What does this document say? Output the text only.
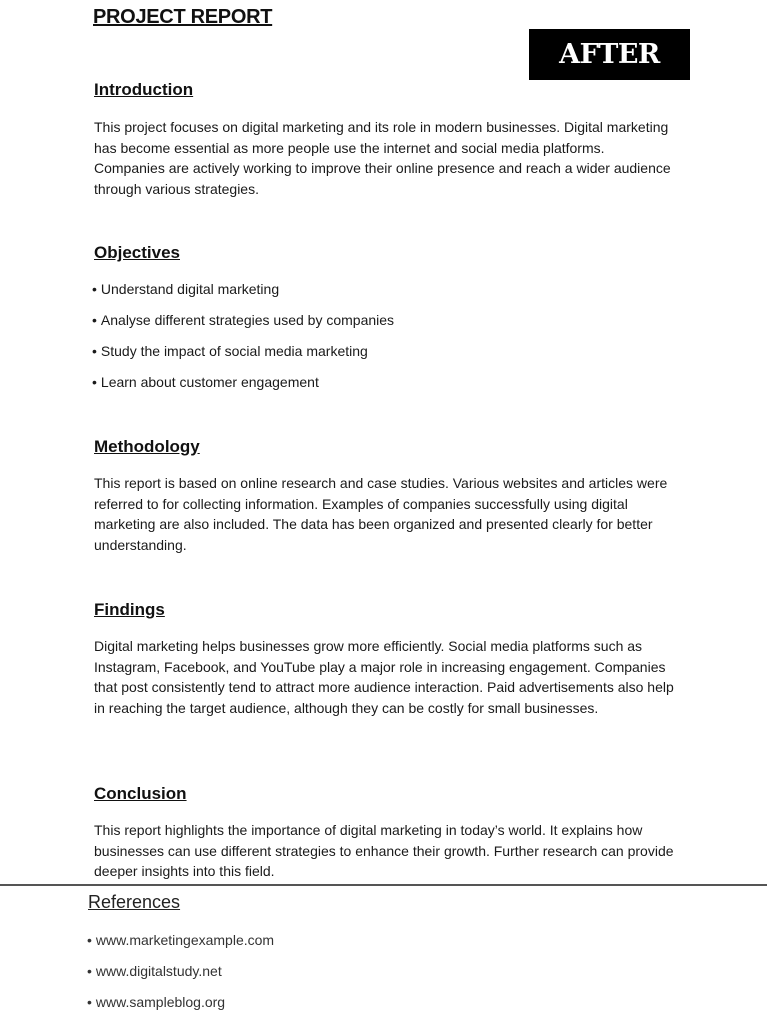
PROJECT REPORT
AFTER
Introduction

This project focuses on digital marketing and its role in modern businesses. Digital marketing has become essential as more people use the internet and social media platforms. Companies are actively working to improve their online presence and reach a wider audience through various strategies.

Objectives
• Understand digital marketing
• Analyse different strategies used by companies
• Study the impact of social media marketing
• Learn about customer engagement
Methodology

This report is based on online research and case studies. Various websites and articles were referred to for collecting information. Examples of companies successfully using digital marketing are also included. The data has been organized and presented clearly for better understanding.

Findings

Digital marketing helps businesses grow more efficiently. Social media platforms such as Instagram, Facebook, and YouTube play a major role in increasing engagement. Companies that post consistently tend to attract more audience interaction. Paid advertisements also help in reaching the target audience, although they can be costly for small businesses.

Conclusion

This report highlights the importance of digital marketing in today’s world. It explains how businesses can use different strategies to enhance their growth. Further research can provide deeper insights into this field.

References
• www.marketingexample.com
• www.digitalstudy.net
• www.sampleblog.org
